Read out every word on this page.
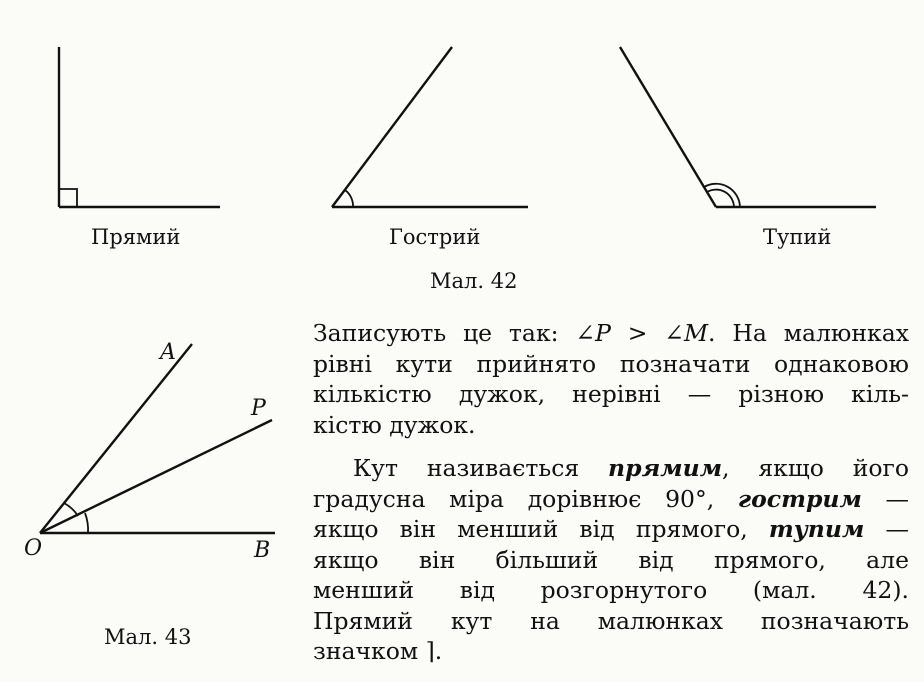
Прямий	Гострий	Тупий
Мал. 42
A
P
O	B
Мал. 43
Записують це так: ∠P > ∠M. На малюнках
рівні кути прийнято позначати однаковою
кількістю дужок, нерівні — різною кіль-
кістю дужок.
Кут називається прямим, якщо його
градусна міра дорівнює 90°, гострим —
якщо він менший від прямого, тупим —
якщо він більший від прямого, але
менший від розгорнутого (мал. 42).
Прямий кут на малюнках позначають
значком ⌉.
